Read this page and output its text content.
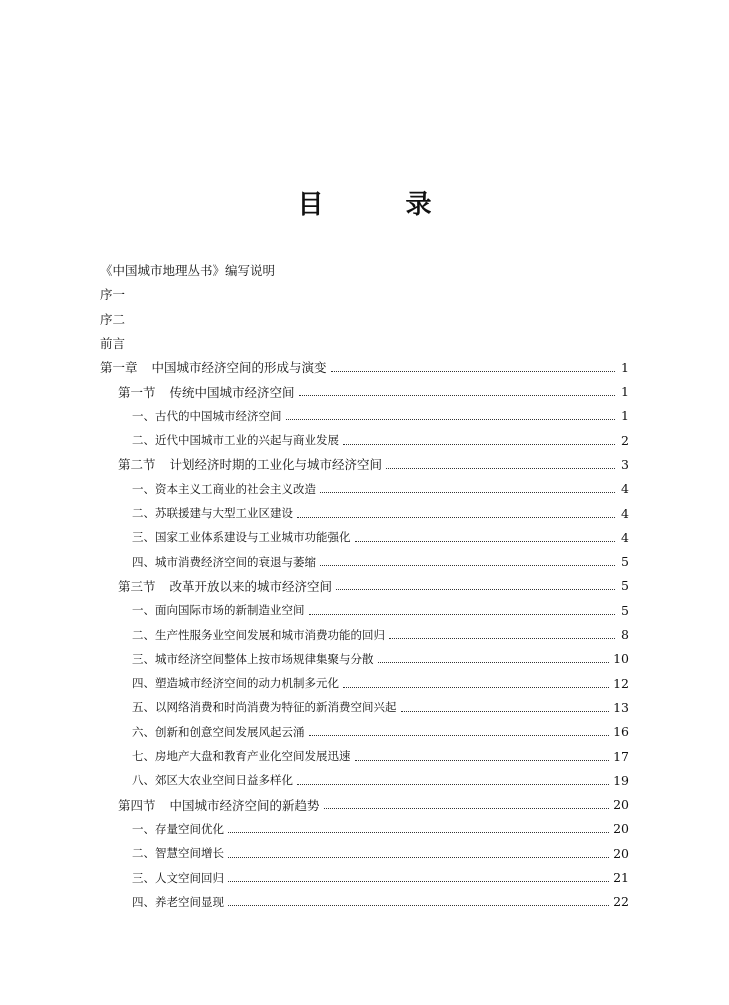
目　录
《中国城市地理丛书》编写说明
序一
序二
前言
第一章 中国城市经济空间的形成与演变	1
第一节 传统中国城市经济空间	1
一、古代的中国城市经济空间	1
二、近代中国城市工业的兴起与商业发展	2
第二节 计划经济时期的工业化与城市经济空间	3
一、资本主义工商业的社会主义改造	4
二、苏联援建与大型工业区建设	4
三、国家工业体系建设与工业城市功能强化	4
四、城市消费经济空间的衰退与萎缩	5
第三节 改革开放以来的城市经济空间	5
一、面向国际市场的新制造业空间	5
二、生产性服务业空间发展和城市消费功能的回归	8
三、城市经济空间整体上按市场规律集聚与分散	10
四、塑造城市经济空间的动力机制多元化	12
五、以网络消费和时尚消费为特征的新消费空间兴起	13
六、创新和创意空间发展风起云涌	16
七、房地产大盘和教育产业化空间发展迅速	17
八、郊区大农业空间日益多样化	19
第四节 中国城市经济空间的新趋势	20
一、存量空间优化	20
二、智慧空间增长	20
三、人文空间回归	21
四、养老空间显现	22
